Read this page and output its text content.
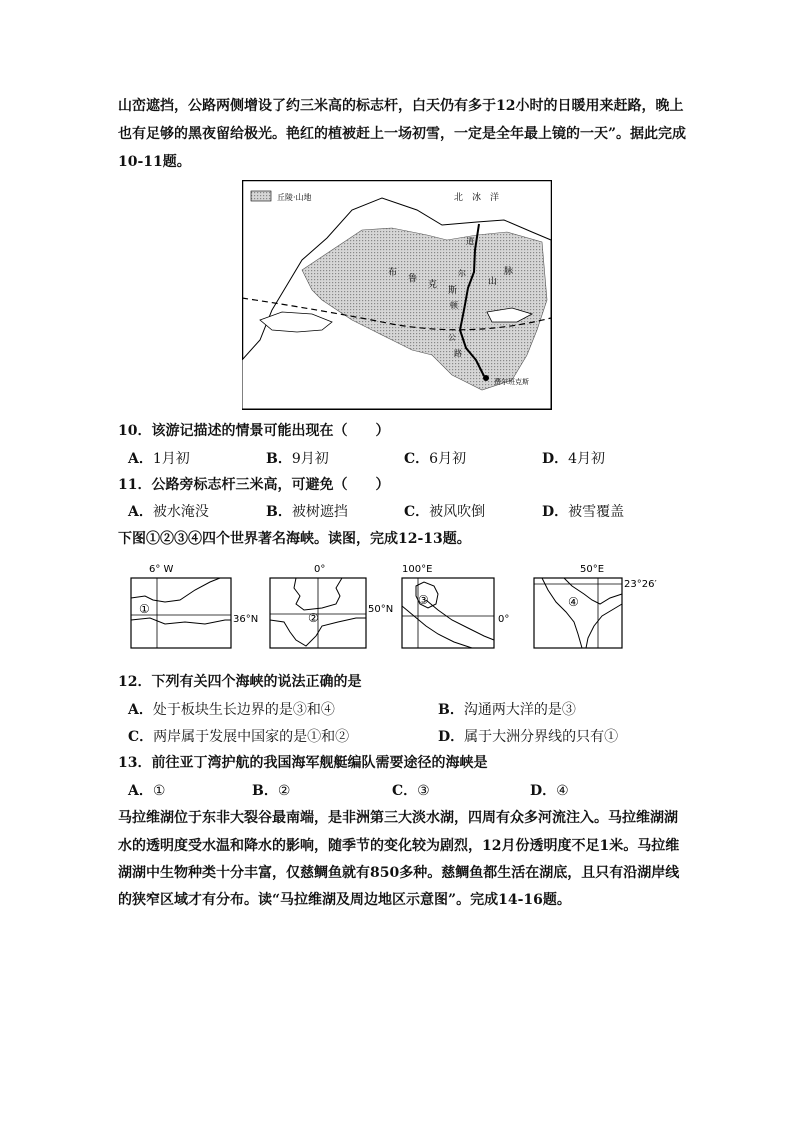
山峦遮挡，公路两侧增设了约三米高的标志杆，白天仍有多于12小时的日暖用来赶路，晚上
也有足够的黑夜留给极光。艳红的植被赶上一场初雪，一定是全年最上镜的一天”。据此完成
10-11题。
丘陵·山地	北　冰　洋
布
鲁
克
斯
山
脉
道
尔
顿
公
路
费尔班克斯
10．该游记描述的情景可能出现在（　　）
A．1月初	B．9月初	C．6月初	D．4月初
11．公路旁标志杆三米高，可避免（　　）
A．被水淹没	B．被树遮挡	C．被风吹倒	D．被雪覆盖
下图①②③④四个世界著名海峡。读图，完成12-13题。
6° W
①
36°N
0°
②
50°N
100°E
③
0°
50°E
④
23°26′
12．下列有关四个海峡的说法正确的是
A．处于板块生长边界的是③和④	B．沟通两大洋的是③
C．两岸属于发展中国家的是①和②	D．属于大洲分界线的只有①
13．前往亚丁湾护航的我国海军舰艇编队需要途径的海峡是
A．①	B．②	C．③	D．④
马拉维湖位于东非大裂谷最南端，是非洲第三大淡水湖，四周有众多河流注入。马拉维湖湖
水的透明度受水温和降水的影响，随季节的变化较为剧烈，12月份透明度不足1米。马拉维
湖湖中生物种类十分丰富，仅慈鲷鱼就有850多种。慈鲷鱼都生活在湖底，且只有沿湖岸线
的狭窄区域才有分布。读“马拉维湖及周边地区示意图”。完成14-16题。
